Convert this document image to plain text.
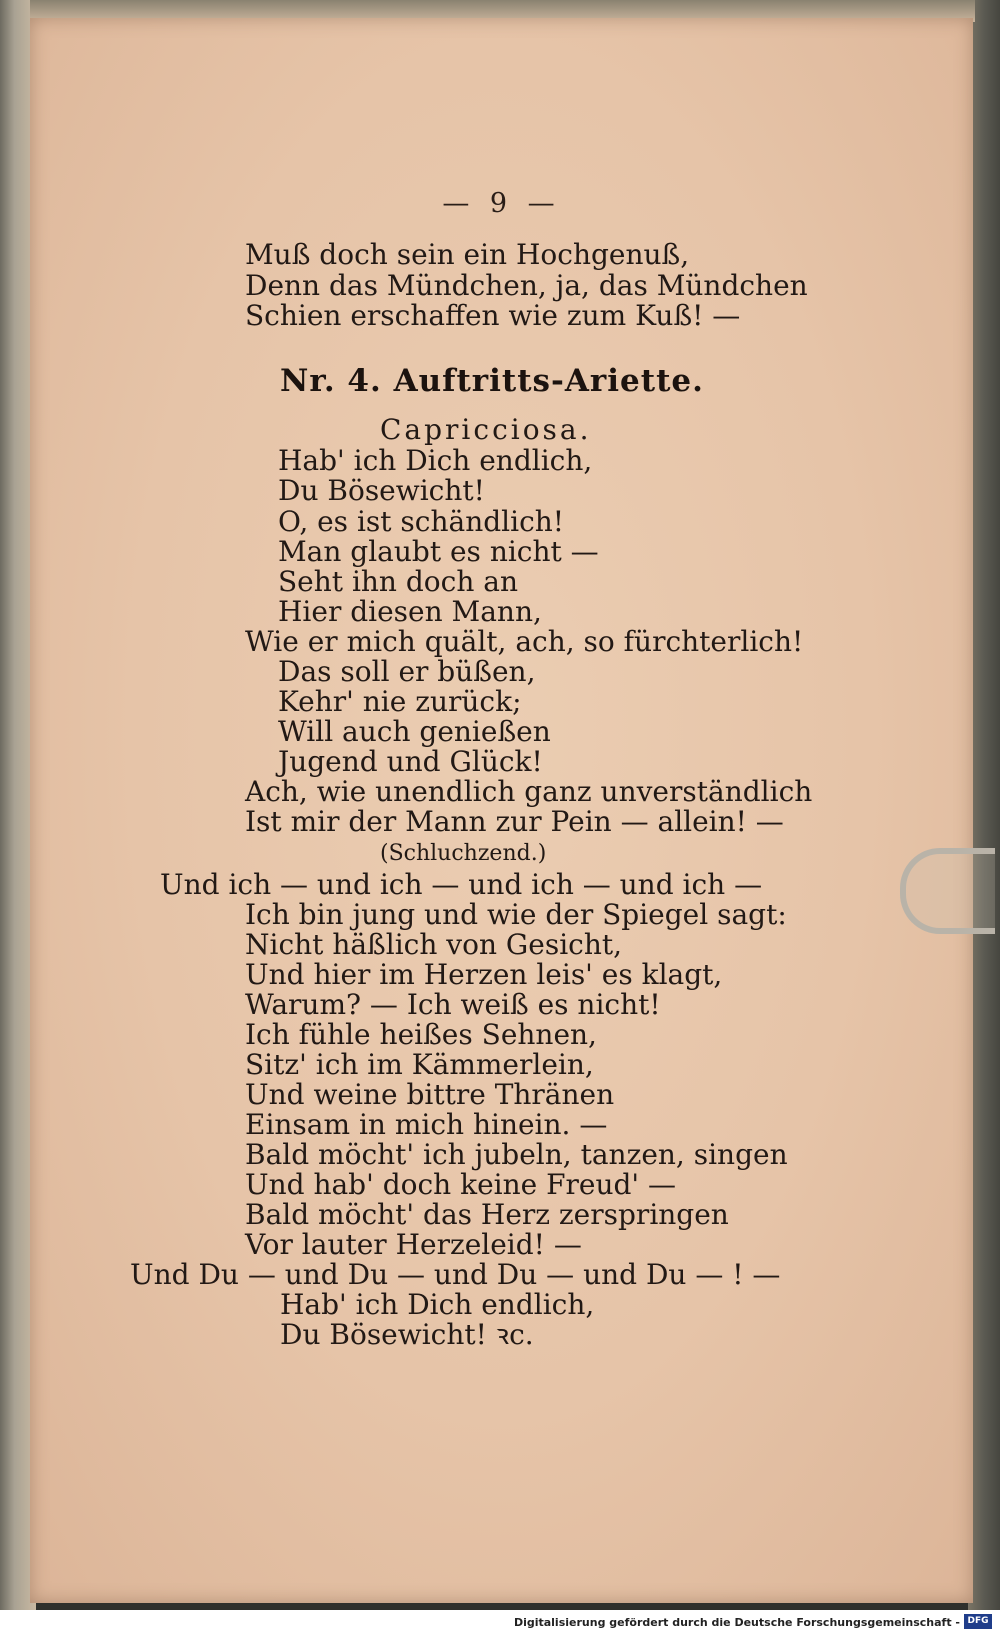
— 9 —
Muß doch sein ein Hochgenuß,
Denn das Mündchen, ja, das Mündchen
Schien erschaffen wie zum Kuß! —
Nr. 4. Auftritts-Ariette.
Capricciosa.
Hab' ich Dich endlich,
Du Bösewicht!
O, es ist schändlich!
Man glaubt es nicht —
Seht ihn doch an
Hier diesen Mann,
Wie er mich quält, ach, so fürchterlich!
Das soll er büßen,
Kehr' nie zurück;
Will auch genießen
Jugend und Glück!
Ach, wie unendlich ganz unverständlich
Ist mir der Mann zur Pein — allein! —
(Schluchzend.)
Und ich — und ich — und ich — und ich —
Ich bin jung und wie der Spiegel sagt:
Nicht häßlich von Gesicht,
Und hier im Herzen leis' es klagt,
Warum? — Ich weiß es nicht!
Ich fühle heißes Sehnen,
Sitz' ich im Kämmerlein,
Und weine bittre Thränen
Einsam in mich hinein. —
Bald möcht' ich jubeln, tanzen, singen
Und hab' doch keine Freud' —
Bald möcht' das Herz zerspringen
Vor lauter Herzeleid! —
Und Du — und Du — und Du — und Du — ! —
Hab' ich Dich endlich,
Du Bösewicht! ꝛc.
Digitalisierung gefördert durch die Deutsche Forschungsgemeinschaft - DFG
